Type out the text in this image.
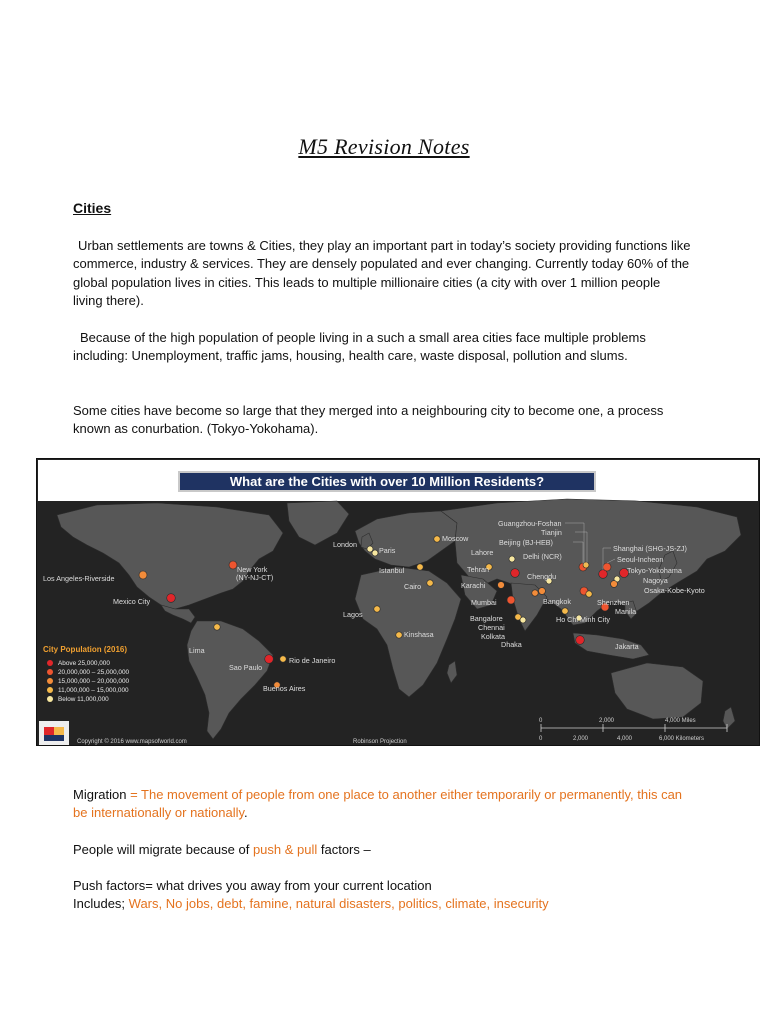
M5 Revision Notes
Cities

Urban settlements are towns & Cities, they play an important part in today’s society providing functions like commerce, industry & services. They are densely populated and ever changing. Currently today 60% of the global population lives in cities. This leads to multiple millionaire cities (a city with over 1 million people living there).

Because of the high population of people living in a such a small area cities face multiple problems including: Unemployment, traffic jams, housing, health care, waste disposal, pollution and slums.

Some cities have become so large that they merged into a neighbouring city to become one, a process known as conurbation. (Tokyo-Yokohama).

What are the Cities with over 10 Million Residents?
Los Angeles-Riverside
New York
(NY-NJ-CT)
Mexico City
Lima
Sao Paulo
Rio de Janeiro
Buenos Aires
London
Paris
Istanbul
Moscow
Cairo
Lagos
Kinshasa
Lahore
Tehran
Karachi
Mumbai
Bangalore
Chennai
Kolkata
Dhaka
Delhi (NCR)
Chengdu
Beijing (BJ-HEB)
Tianjin
Guangzhou-Foshan
Bangkok
Ho Chi Minh City
Jakarta
Shanghai (SHG-JS-ZJ)
Seoul-Incheon
Tokyo-Yokohama
Nagoya
Osaka-Kobe-Kyoto
Shenzhen
Manila
City Population (2016)
Above 25,000,000
20,000,000 – 25,000,000
15,000,000 – 20,000,000
11,000,000 – 15,000,000
Below 11,000,000
Copyright © 2016 www.mapsofworld.com	Robinson Projection
0	2,000	4,000 Miles
0	2,000	4,000	6,000 Kilometers

Migration = The movement of people from one place to another either temporarily or permanently, this can be internationally or nationally.

People will migrate because of push & pull factors –

Push factors= what drives you away from your current location
Includes; Wars, No jobs, debt, famine, natural disasters, politics, climate, insecurity
